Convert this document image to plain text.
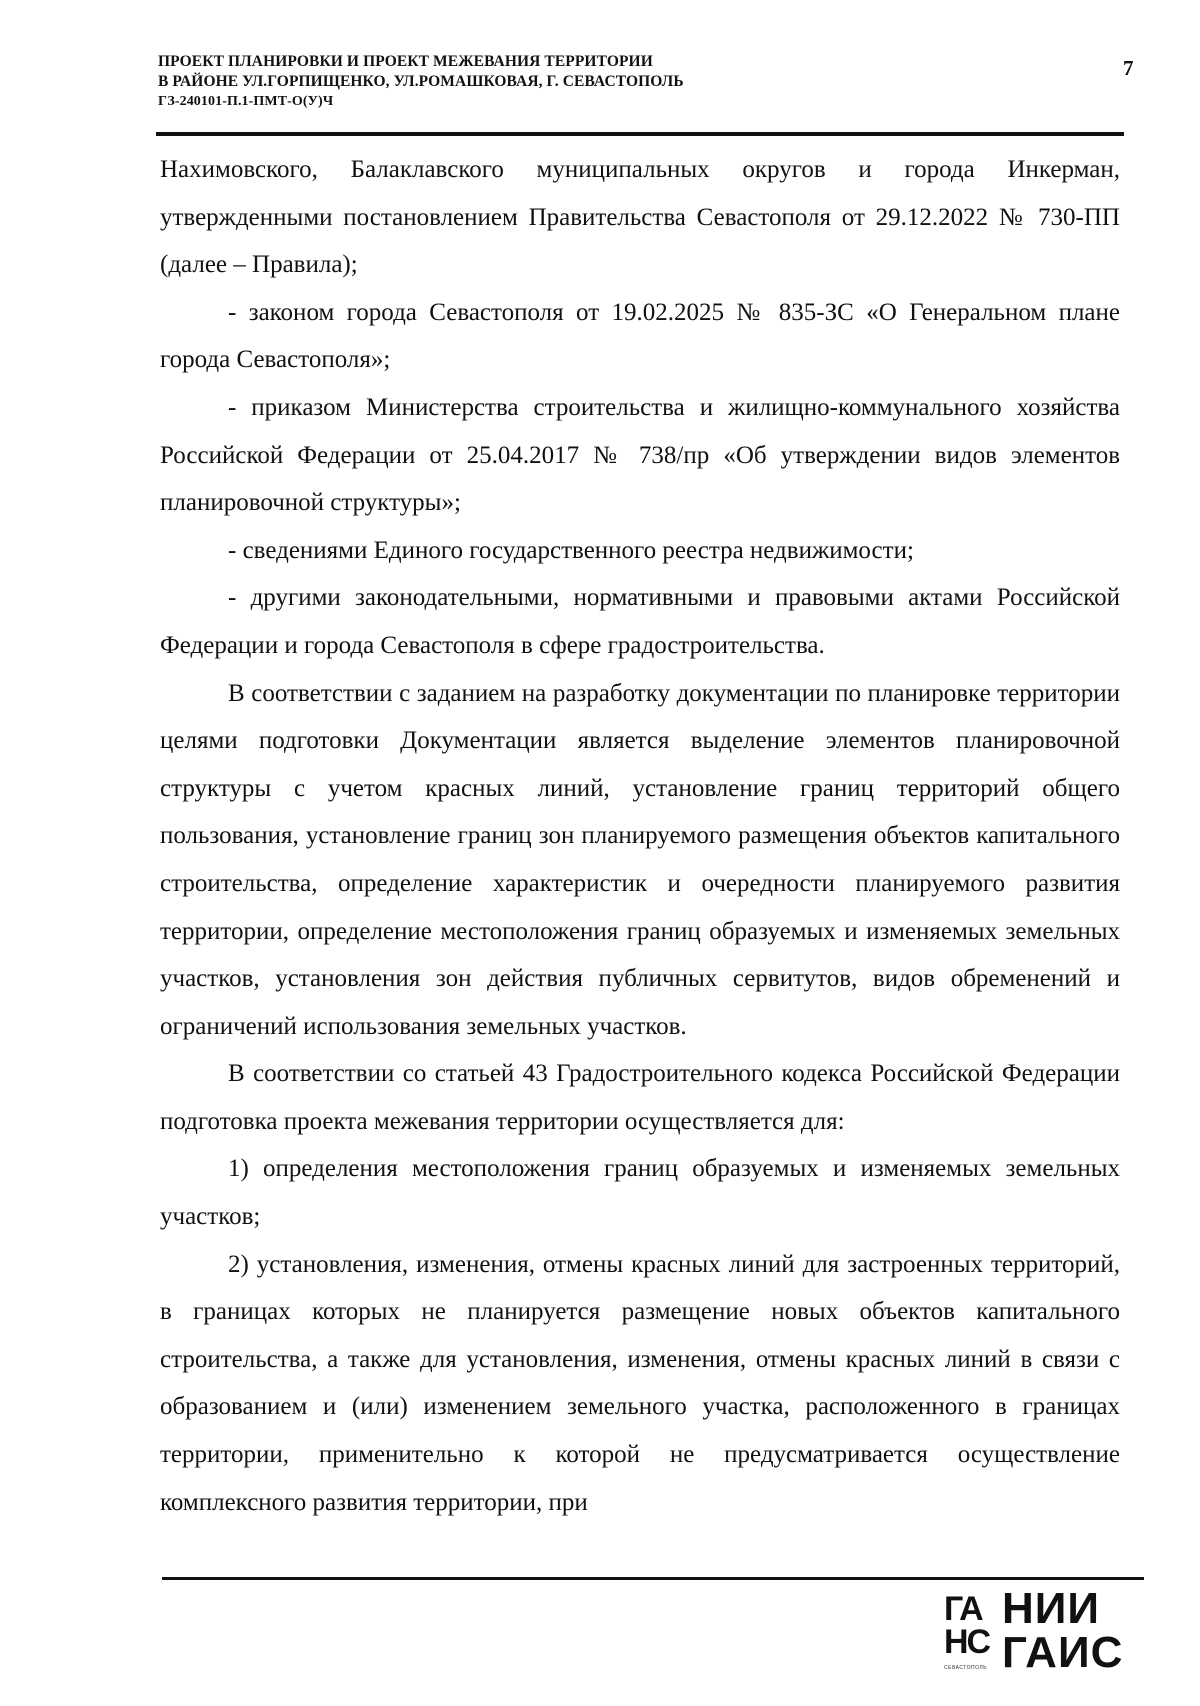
ПРОЕКТ ПЛАНИРОВКИ И ПРОЕКТ МЕЖЕВАНИЯ ТЕРРИТОРИИ
В РАЙОНЕ УЛ.ГОРПИЩЕНКО, УЛ.РОМАШКОВАЯ, Г. СЕВАСТОПОЛЬ
ГЗ-240101-П.1-ПМТ-О(У)Ч
7

Нахимовского, Балаклавского муниципальных округов и города Инкерман, утвержденными постановлением Правительства Севастополя от 29.12.2022 № 730-ПП (далее – Правила);

- законом города Севастополя от 19.02.2025 № 835-ЗС «О Генеральном плане города Севастополя»;

- приказом Министерства строительства и жилищно-коммунального хозяйства Российской Федерации от 25.04.2017 № 738/пр «Об утверждении видов элементов планировочной структуры»;

- сведениями Единого государственного реестра недвижимости;

- другими законодательными, нормативными и правовыми актами Российской Федерации и города Севастополя в сфере градостроительства.

В соответствии с заданием на разработку документации по планировке территории целями подготовки Документации является выделение элементов планировочной структуры с учетом красных линий, установление границ территорий общего пользования, установление границ зон планируемого размещения объектов капитального строительства, определение характеристик и очередности планируемого развития территории, определение местоположения границ образуемых и изменяемых земельных участков, установления зон действия публичных сервитутов, видов обременений и ограничений использования земельных участков.

В соответствии со статьей 43 Градостроительного кодекса Российской Федерации подготовка проекта межевания территории осуществляется для:

1) определения местоположения границ образуемых и изменяемых земельных участков;

2) установления, изменения, отмены красных линий для застроенных территорий, в границах которых не планируется размещение новых объектов капитального строительства, а также для установления, изменения, отмены красных линий в связи с образованием и (или) изменением земельного участка, расположенного в границах территории, применительно к которой не предусматривается осуществление комплексного развития территории, при

ГА
НС
СЕВАСТОПОЛЬ
НИИ
ГАИС
